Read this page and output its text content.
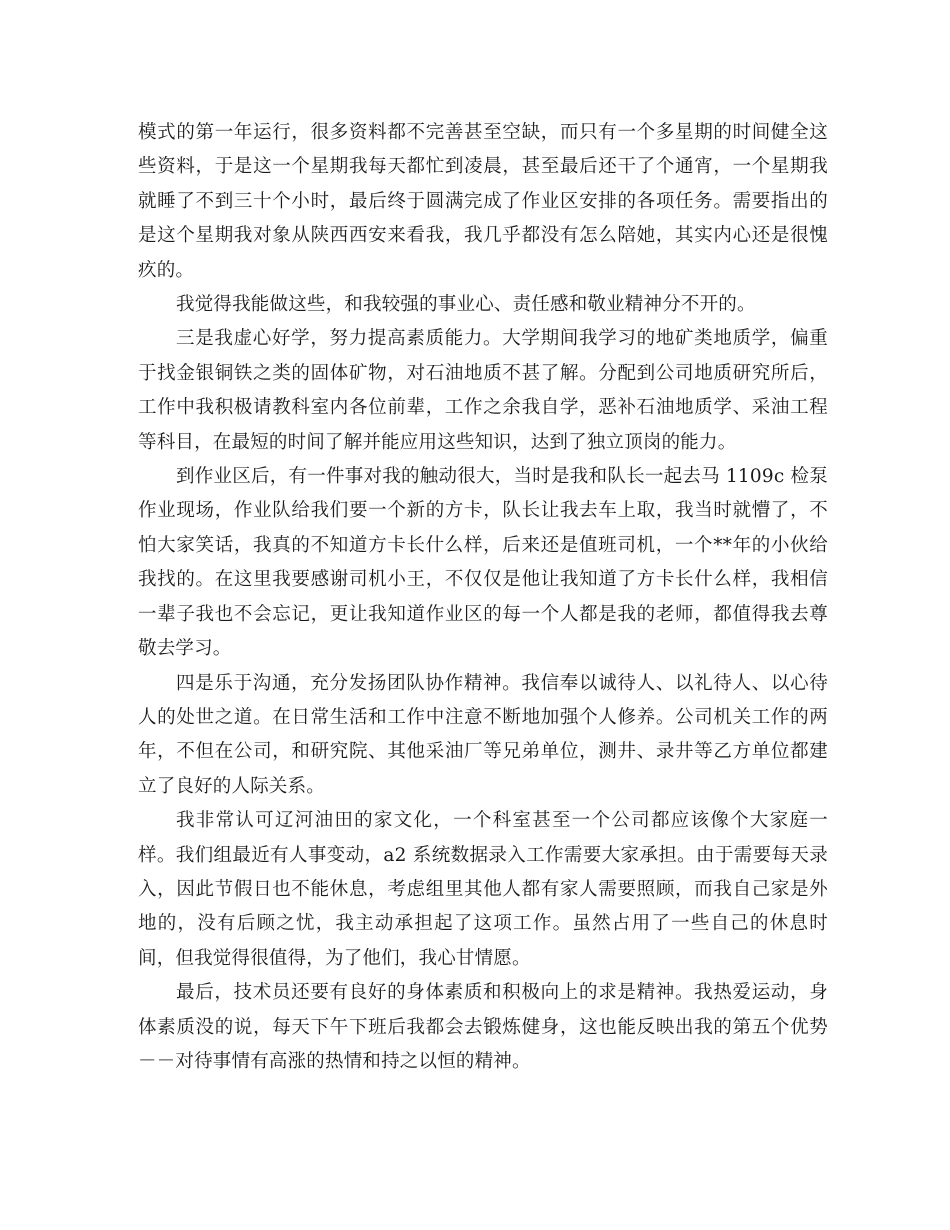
模式的第一年运行，很多资料都不完善甚至空缺，而只有一个多星期的时间健全这些资料，于是这一个星期我每天都忙到凌晨，甚至最后还干了个通宵，一个星期我就睡了不到三十个小时，最后终于圆满完成了作业区安排的各项任务。需要指出的是这个星期我对象从陕西西安来看我，我几乎都没有怎么陪她，其实内心还是很愧疚的。

我觉得我能做这些，和我较强的事业心、责任感和敬业精神分不开的。

三是我虚心好学，努力提高素质能力。大学期间我学习的地矿类地质学，偏重于找金银铜铁之类的固体矿物，对石油地质不甚了解。分配到公司地质研究所后，工作中我积极请教科室内各位前辈，工作之余我自学，恶补石油地质学、采油工程等科目，在最短的时间了解并能应用这些知识，达到了独立顶岗的能力。

到作业区后，有一件事对我的触动很大，当时是我和队长一起去马 1109c 检泵作业现场，作业队给我们要一个新的方卡，队长让我去车上取，我当时就懵了，不怕大家笑话，我真的不知道方卡长什么样，后来还是值班司机，一个**年的小伙给我找的。在这里我要感谢司机小王，不仅仅是他让我知道了方卡长什么样，我相信一辈子我也不会忘记，更让我知道作业区的每一个人都是我的老师，都值得我去尊敬去学习。

四是乐于沟通，充分发扬团队协作精神。我信奉以诚待人、以礼待人、以心待人的处世之道。在日常生活和工作中注意不断地加强个人修养。公司机关工作的两年，不但在公司，和研究院、其他采油厂等兄弟单位，测井、录井等乙方单位都建立了良好的人际关系。

我非常认可辽河油田的家文化，一个科室甚至一个公司都应该像个大家庭一样。我们组最近有人事变动，a2 系统数据录入工作需要大家承担。由于需要每天录入，因此节假日也不能休息，考虑组里其他人都有家人需要照顾，而我自己家是外地的，没有后顾之忧，我主动承担起了这项工作。虽然占用了一些自己的休息时间，但我觉得很值得，为了他们，我心甘情愿。

最后，技术员还要有良好的身体素质和积极向上的求是精神。我热爱运动，身体素质没的说，每天下午下班后我都会去锻炼健身，这也能反映出我的第五个优势－－对待事情有高涨的热情和持之以恒的精神。
